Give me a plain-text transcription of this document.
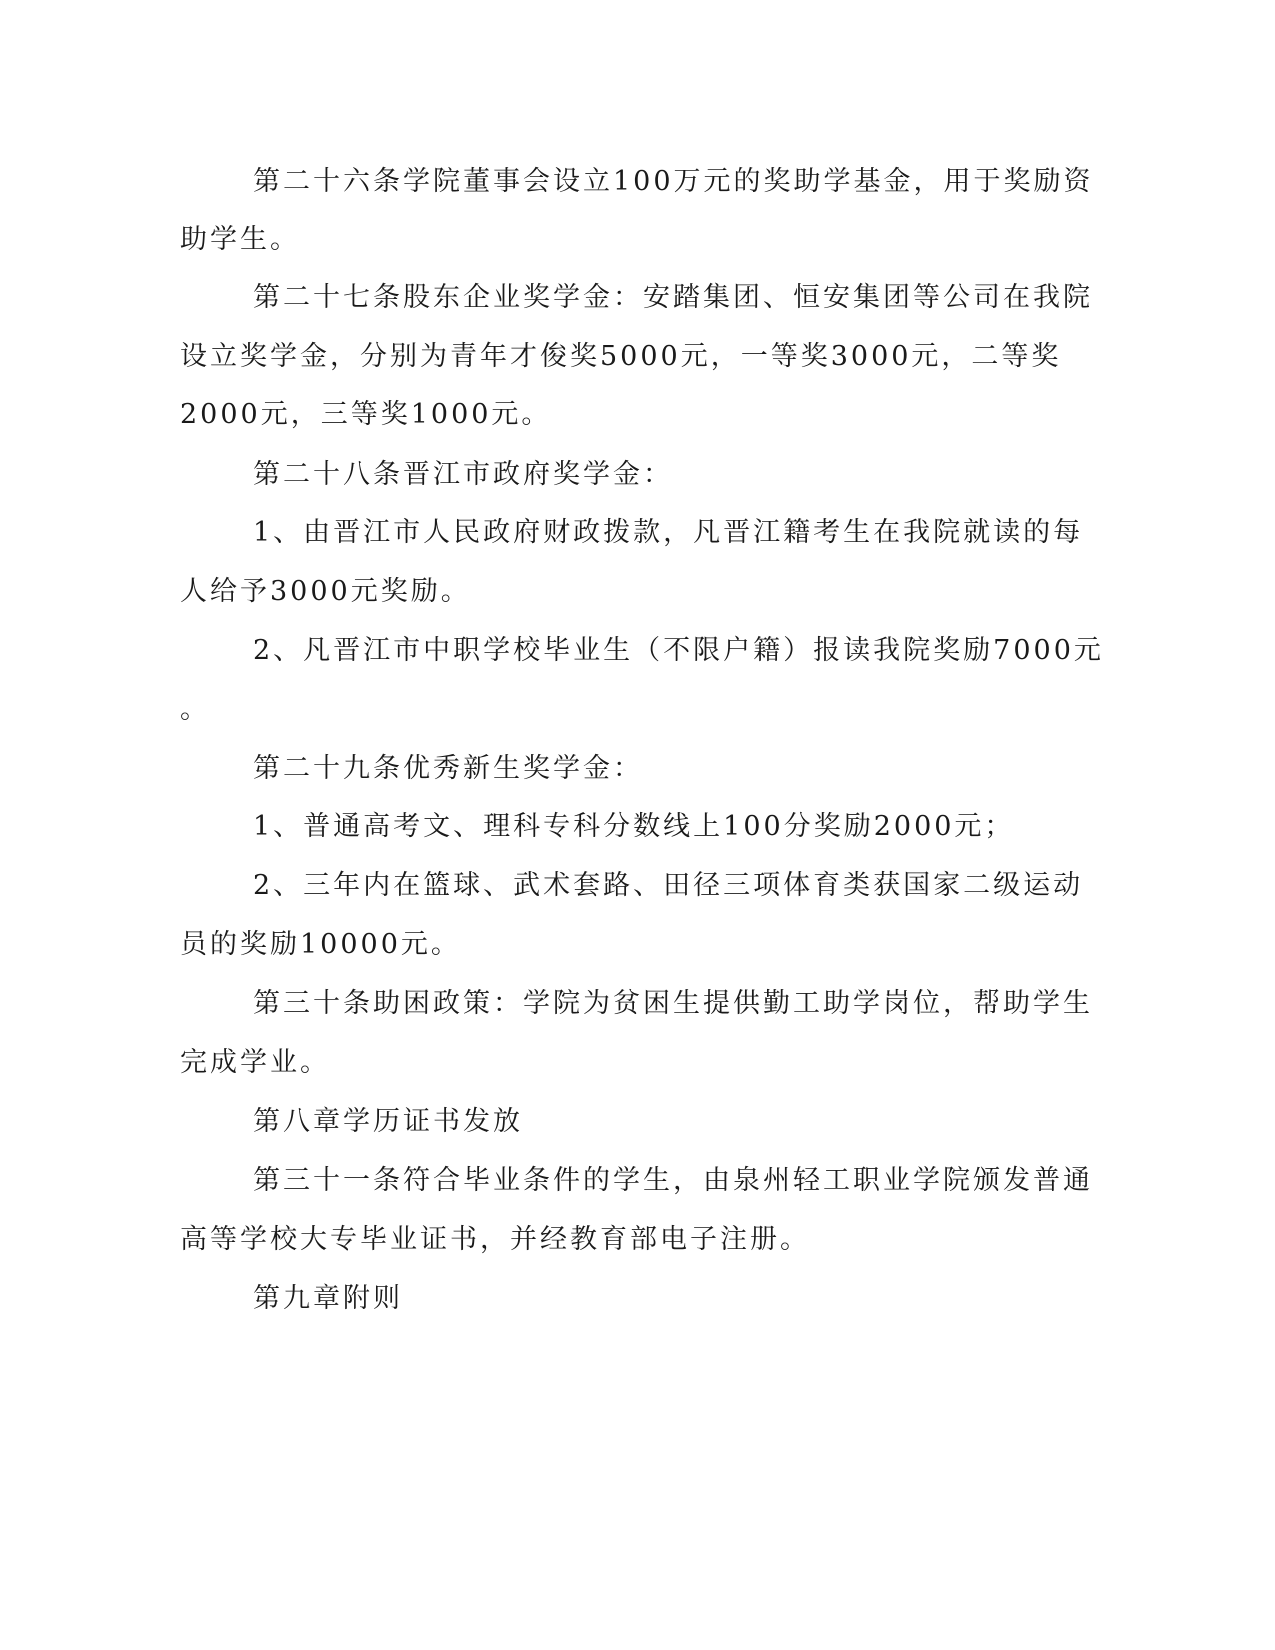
第二十六条学院董事会设立100万元的奖助学基金，用于奖励资
助学生。
第二十七条股东企业奖学金：安踏集团、恒安集团等公司在我院
设立奖学金，分别为青年才俊奖5000元，一等奖3000元，二等奖
2000元，三等奖1000元。
第二十八条晋江市政府奖学金：
1、由晋江市人民政府财政拨款，凡晋江籍考生在我院就读的每
人给予3000元奖励。
2、凡晋江市中职学校毕业生（不限户籍）报读我院奖励7000元
。
第二十九条优秀新生奖学金：
1、普通高考文、理科专科分数线上100分奖励2000元；
2、三年内在篮球、武术套路、田径三项体育类获国家二级运动
员的奖励10000元。
第三十条助困政策：学院为贫困生提供勤工助学岗位，帮助学生
完成学业。
第八章学历证书发放
第三十一条符合毕业条件的学生，由泉州轻工职业学院颁发普通
高等学校大专毕业证书，并经教育部电子注册。
第九章附则
